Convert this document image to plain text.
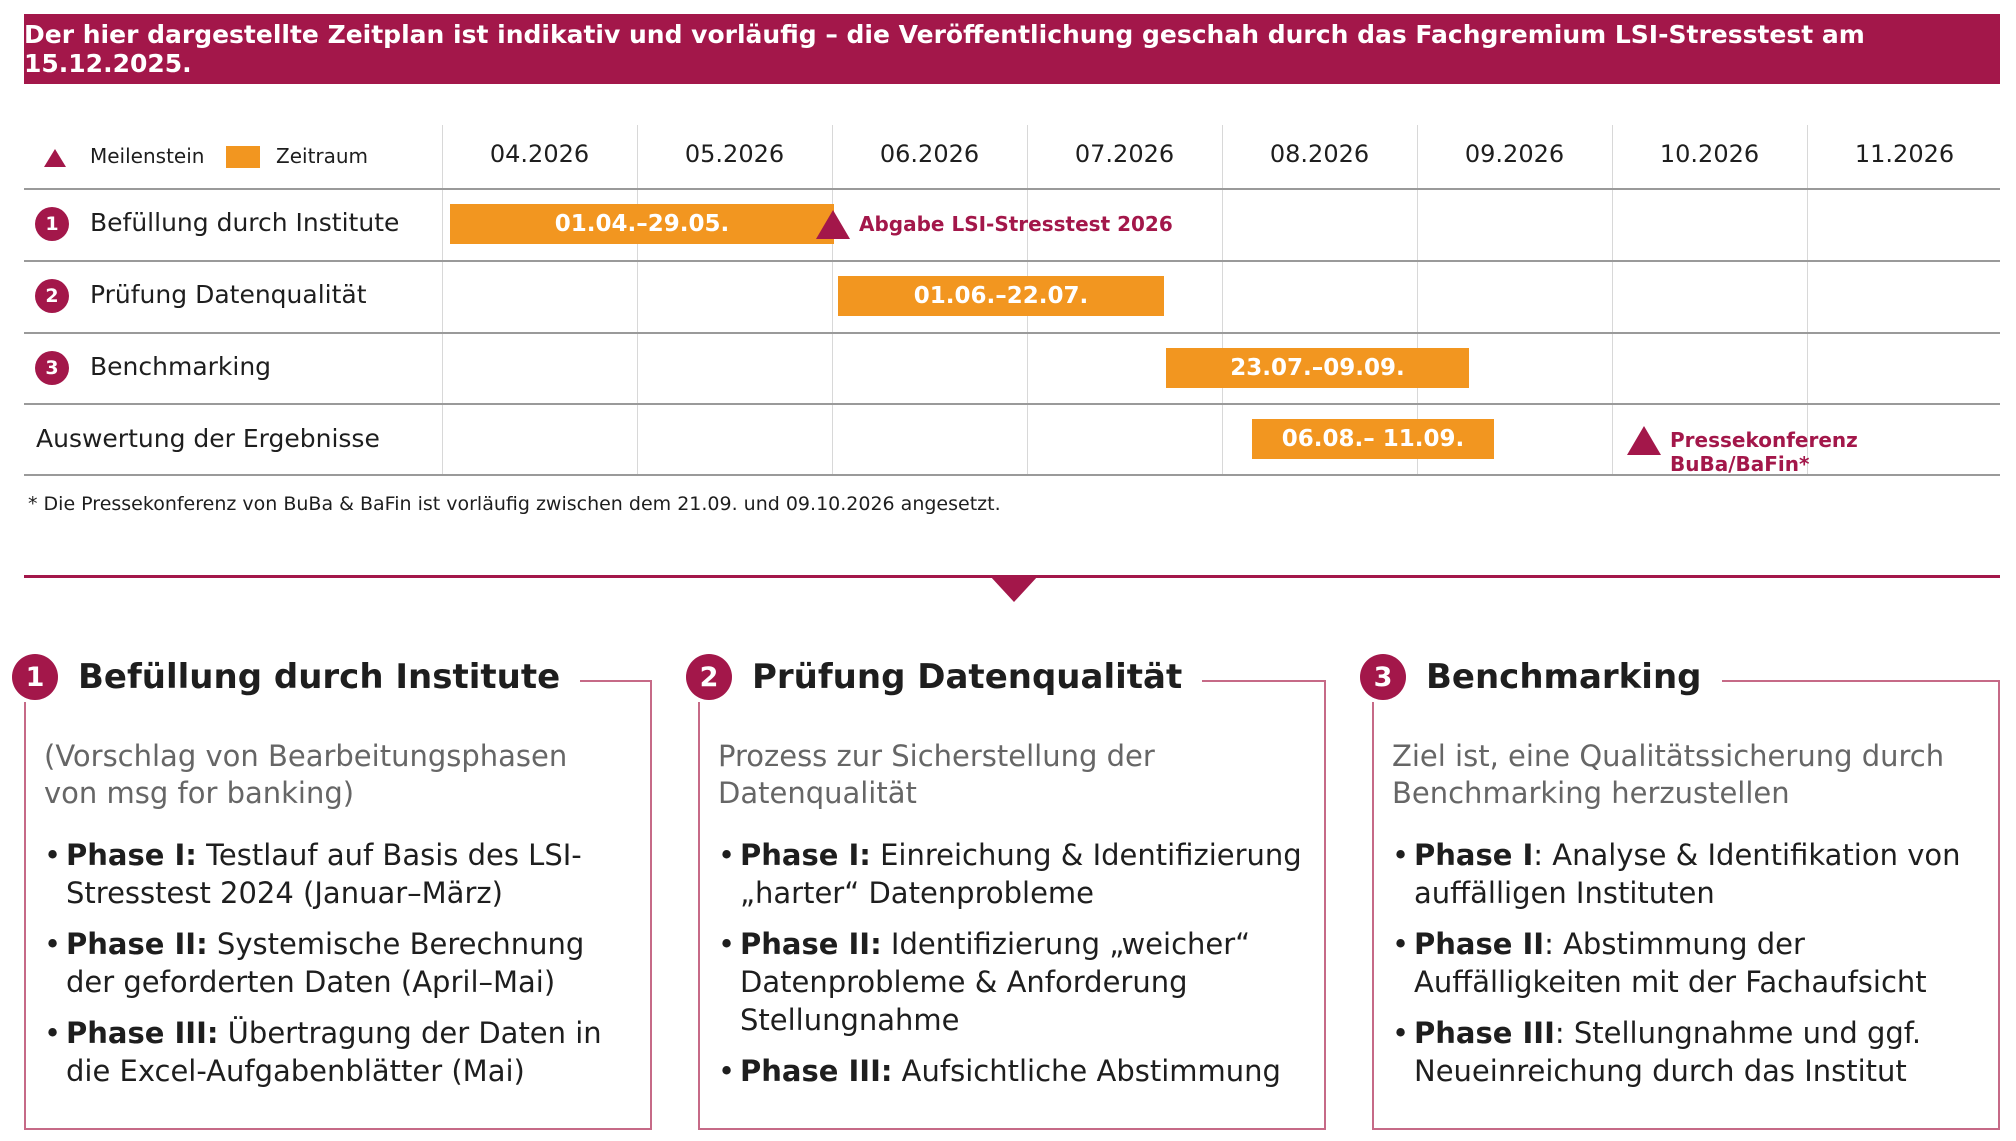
Der hier dargestellte Zeitplan ist indikativ und vorläufig – die Veröffentlichung geschah durch das Fachgremium LSI-Stresstest am 15.12.2025.
Meilenstein	Zeitraum	04.2026	05.2026	06.2026	07.2026	08.2026	09.2026	10.2026	11.2026
1	Befüllung durch Institute	01.04.–29.05.	Abgabe LSI-Stresstest 2026
2	Prüfung Datenqualität	01.06.–22.07.
3	Benchmarking	23.07.–09.09.
Auswertung der Ergebnisse	06.08.– 11.09.	Pressekonferenz BuBa/BaFin*
* Die Pressekonferenz von BuBa & BaFin ist vorläufig zwischen dem 21.09. und 09.10.2026 angesetzt.
(Vorschlag von Bearbeitungsphasen von msg for banking)
• Phase I: Testlauf auf Basis des LSI-Stresstest 2024 (Januar–März)
• Phase II: Systemische Berechnung der geforderten Daten (April–Mai)
• Phase III: Übertragung der Daten in die Excel-Aufgabenblätter (Mai)
1 Befüllung durch Institute
Prozess zur Sicherstellung der Datenqualität
• Phase I: Einreichung & Identifizierung „harter“ Datenprobleme
• Phase II: Identifizierung „weicher“ Datenprobleme & Anforderung Stellungnahme
• Phase III: Aufsichtliche Abstimmung
2 Prüfung Datenqualität
Ziel ist, eine Qualitätssicherung durch Benchmarking herzustellen
• Phase I: Analyse & Identifikation von auffälligen Instituten
• Phase II: Abstimmung der Auffälligkeiten mit der Fachaufsicht
• Phase III: Stellungnahme und ggf. Neueinreichung durch das Institut
3 Benchmarking
